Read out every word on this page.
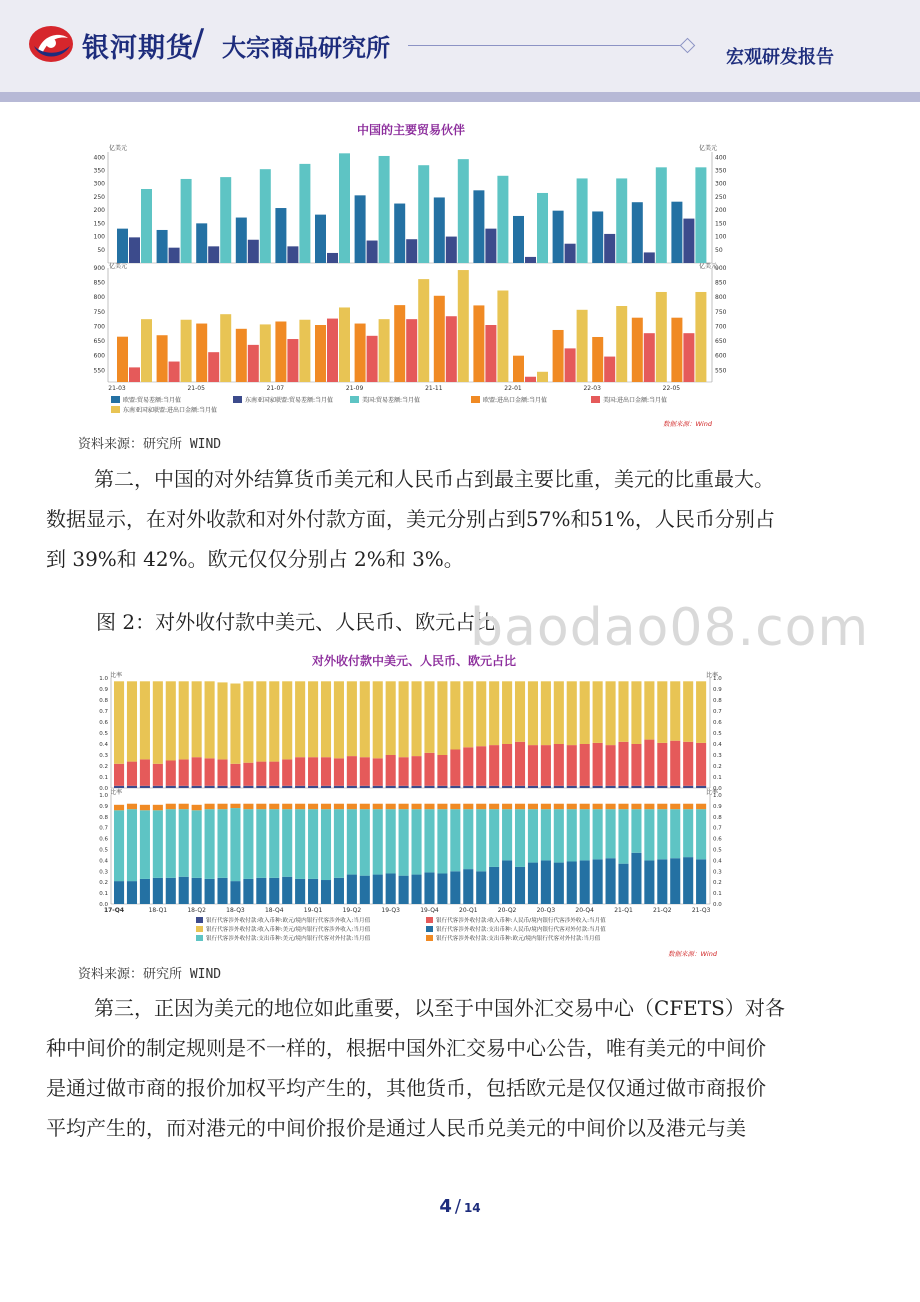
银河期货
/ 大宗商品研究所	宏观研发报告
中国的主要贸易伙伴
亿美元	亿美元
亿美元	亿美元
50	50
100	100
150	150
200	200
250	250
300	300
350	350
400	400
550	550
600	600
650	650
700	700
750	750
800	800
850	850
900	900
21-03	21-05	21-07	21-09	21-11	22-01	22-03	22-05
欧盟:贸易差额:当月值	东南亚国家联盟:贸易差额:当月值	美国:贸易差额:当月值	欧盟:进出口金额:当月值	美国:进出口金额:当月值
东南亚国家联盟:进出口金额:当月值
数据来源：Wind
资料来源：研究所 WIND
第二，中国的对外结算货币美元和人民币占到最主要比重，美元的比重最大。
数据显示，在对外收款和对外付款方面，美元分别占到57%和51%，人民币分别占
到 39%和 42%。欧元仅仅分别占 2%和 3%。
图 2：对外收付款中美元、人民币、欧元占比
baodao08.com
对外收付款中美元、人民币、欧元占比
比率	比率
比率	比率
0.0	0.0
0.1	0.1
0.2	0.2
0.3	0.3
0.4	0.4
0.5	0.5
0.6	0.6
0.7	0.7
0.8	0.8
0.9	0.9
1.0	1.0
0.0	0.0
0.1	0.1
0.2	0.2
0.3	0.3
0.4	0.4
0.5	0.5
0.6	0.6
0.7	0.7
0.8	0.8
0.9	0.9
1.0	1.0
17-Q4	18-Q1	18-Q2	18-Q3	18-Q4	19-Q1	19-Q2	19-Q3	19-Q4	20-Q1	20-Q2	20-Q3	20-Q4	21-Q1	21-Q2	21-Q3
银行代客涉外收付款:收入币种:欧元/境内银行代客涉外收入:当月值	银行代客涉外收付款:收入币种:人民币/境内银行代客涉外收入:当月值
银行代客涉外收付款:收入币种:美元/境内银行代客涉外收入:当月值	银行代客涉外收付款:支出币种:人民币/境内银行代客对外付款:当月值
银行代客涉外收付款:支出币种:美元/境内银行代客对外付款:当月值	银行代客涉外收付款:支出币种:欧元/境内银行代客对外付款:当月值
数据来源：Wind
资料来源：研究所 WIND
第三，正因为美元的地位如此重要，以至于中国外汇交易中心（CFETS）对各
种中间价的制定规则是不一样的，根据中国外汇交易中心公告，唯有美元的中间价
是通过做市商的报价加权平均产生的，其他货币，包括欧元是仅仅通过做市商报价
平均产生的，而对港元的中间价报价是通过人民币兑美元的中间价以及港元与美
4 / 14
